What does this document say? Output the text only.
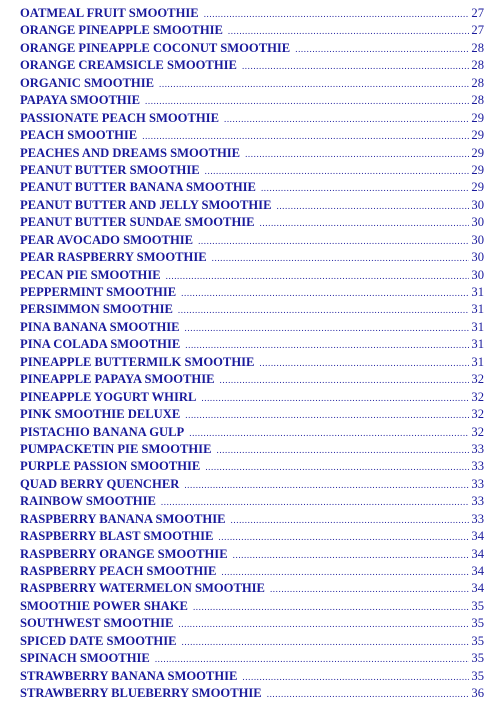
OATMEAL FRUIT SMOOTHIE .....	27
ORANGE PINEAPPLE SMOOTHIE .....	27
ORANGE PINEAPPLE COCONUT SMOOTHIE .....	28
ORANGE CREAMSICLE SMOOTHIE .....	28
ORGANIC SMOOTHIE .....	28
PAPAYA SMOOTHIE .....	28
PASSIONATE PEACH SMOOTHIE .....	29
PEACH SMOOTHIE .....	29
PEACHES AND DREAMS SMOOTHIE .....	29
PEANUT BUTTER SMOOTHIE .....	29
PEANUT BUTTER BANANA SMOOTHIE .....	29
PEANUT BUTTER AND JELLY SMOOTHIE .....	30
PEANUT BUTTER SUNDAE SMOOTHIE .....	30
PEAR AVOCADO SMOOTHIE .....	30
PEAR RASPBERRY SMOOTHIE .....	30
PECAN PIE SMOOTHIE .....	30
PEPPERMINT SMOOTHIE .....	31
PERSIMMON SMOOTHIE .....	31
PINA BANANA SMOOTHIE .....	31
PINA COLADA SMOOTHIE .....	31
PINEAPPLE BUTTERMILK SMOOTHIE .....	31
PINEAPPLE PAPAYA SMOOTHIE .....	32
PINEAPPLE YOGURT WHIRL .....	32
PINK SMOOTHIE DELUXE .....	32
PISTACHIO BANANA GULP .....	32
PUMPACKETIN PIE SMOOTHIE .....	33
PURPLE PASSION SMOOTHIE .....	33
QUAD BERRY QUENCHER .....	33
RAINBOW SMOOTHIE .....	33
RASPBERRY BANANA SMOOTHIE .....	33
RASPBERRY BLAST SMOOTHIE .....	34
RASPBERRY ORANGE SMOOTHIE .....	34
RASPBERRY PEACH SMOOTHIE .....	34
RASPBERRY WATERMELON SMOOTHIE .....	34
SMOOTHIE POWER SHAKE .....	35
SOUTHWEST SMOOTHIE .....	35
SPICED DATE SMOOTHIE .....	35
SPINACH SMOOTHIE .....	35
STRAWBERRY BANANA SMOOTHIE .....	35
STRAWBERRY BLUEBERRY SMOOTHIE .....	36
